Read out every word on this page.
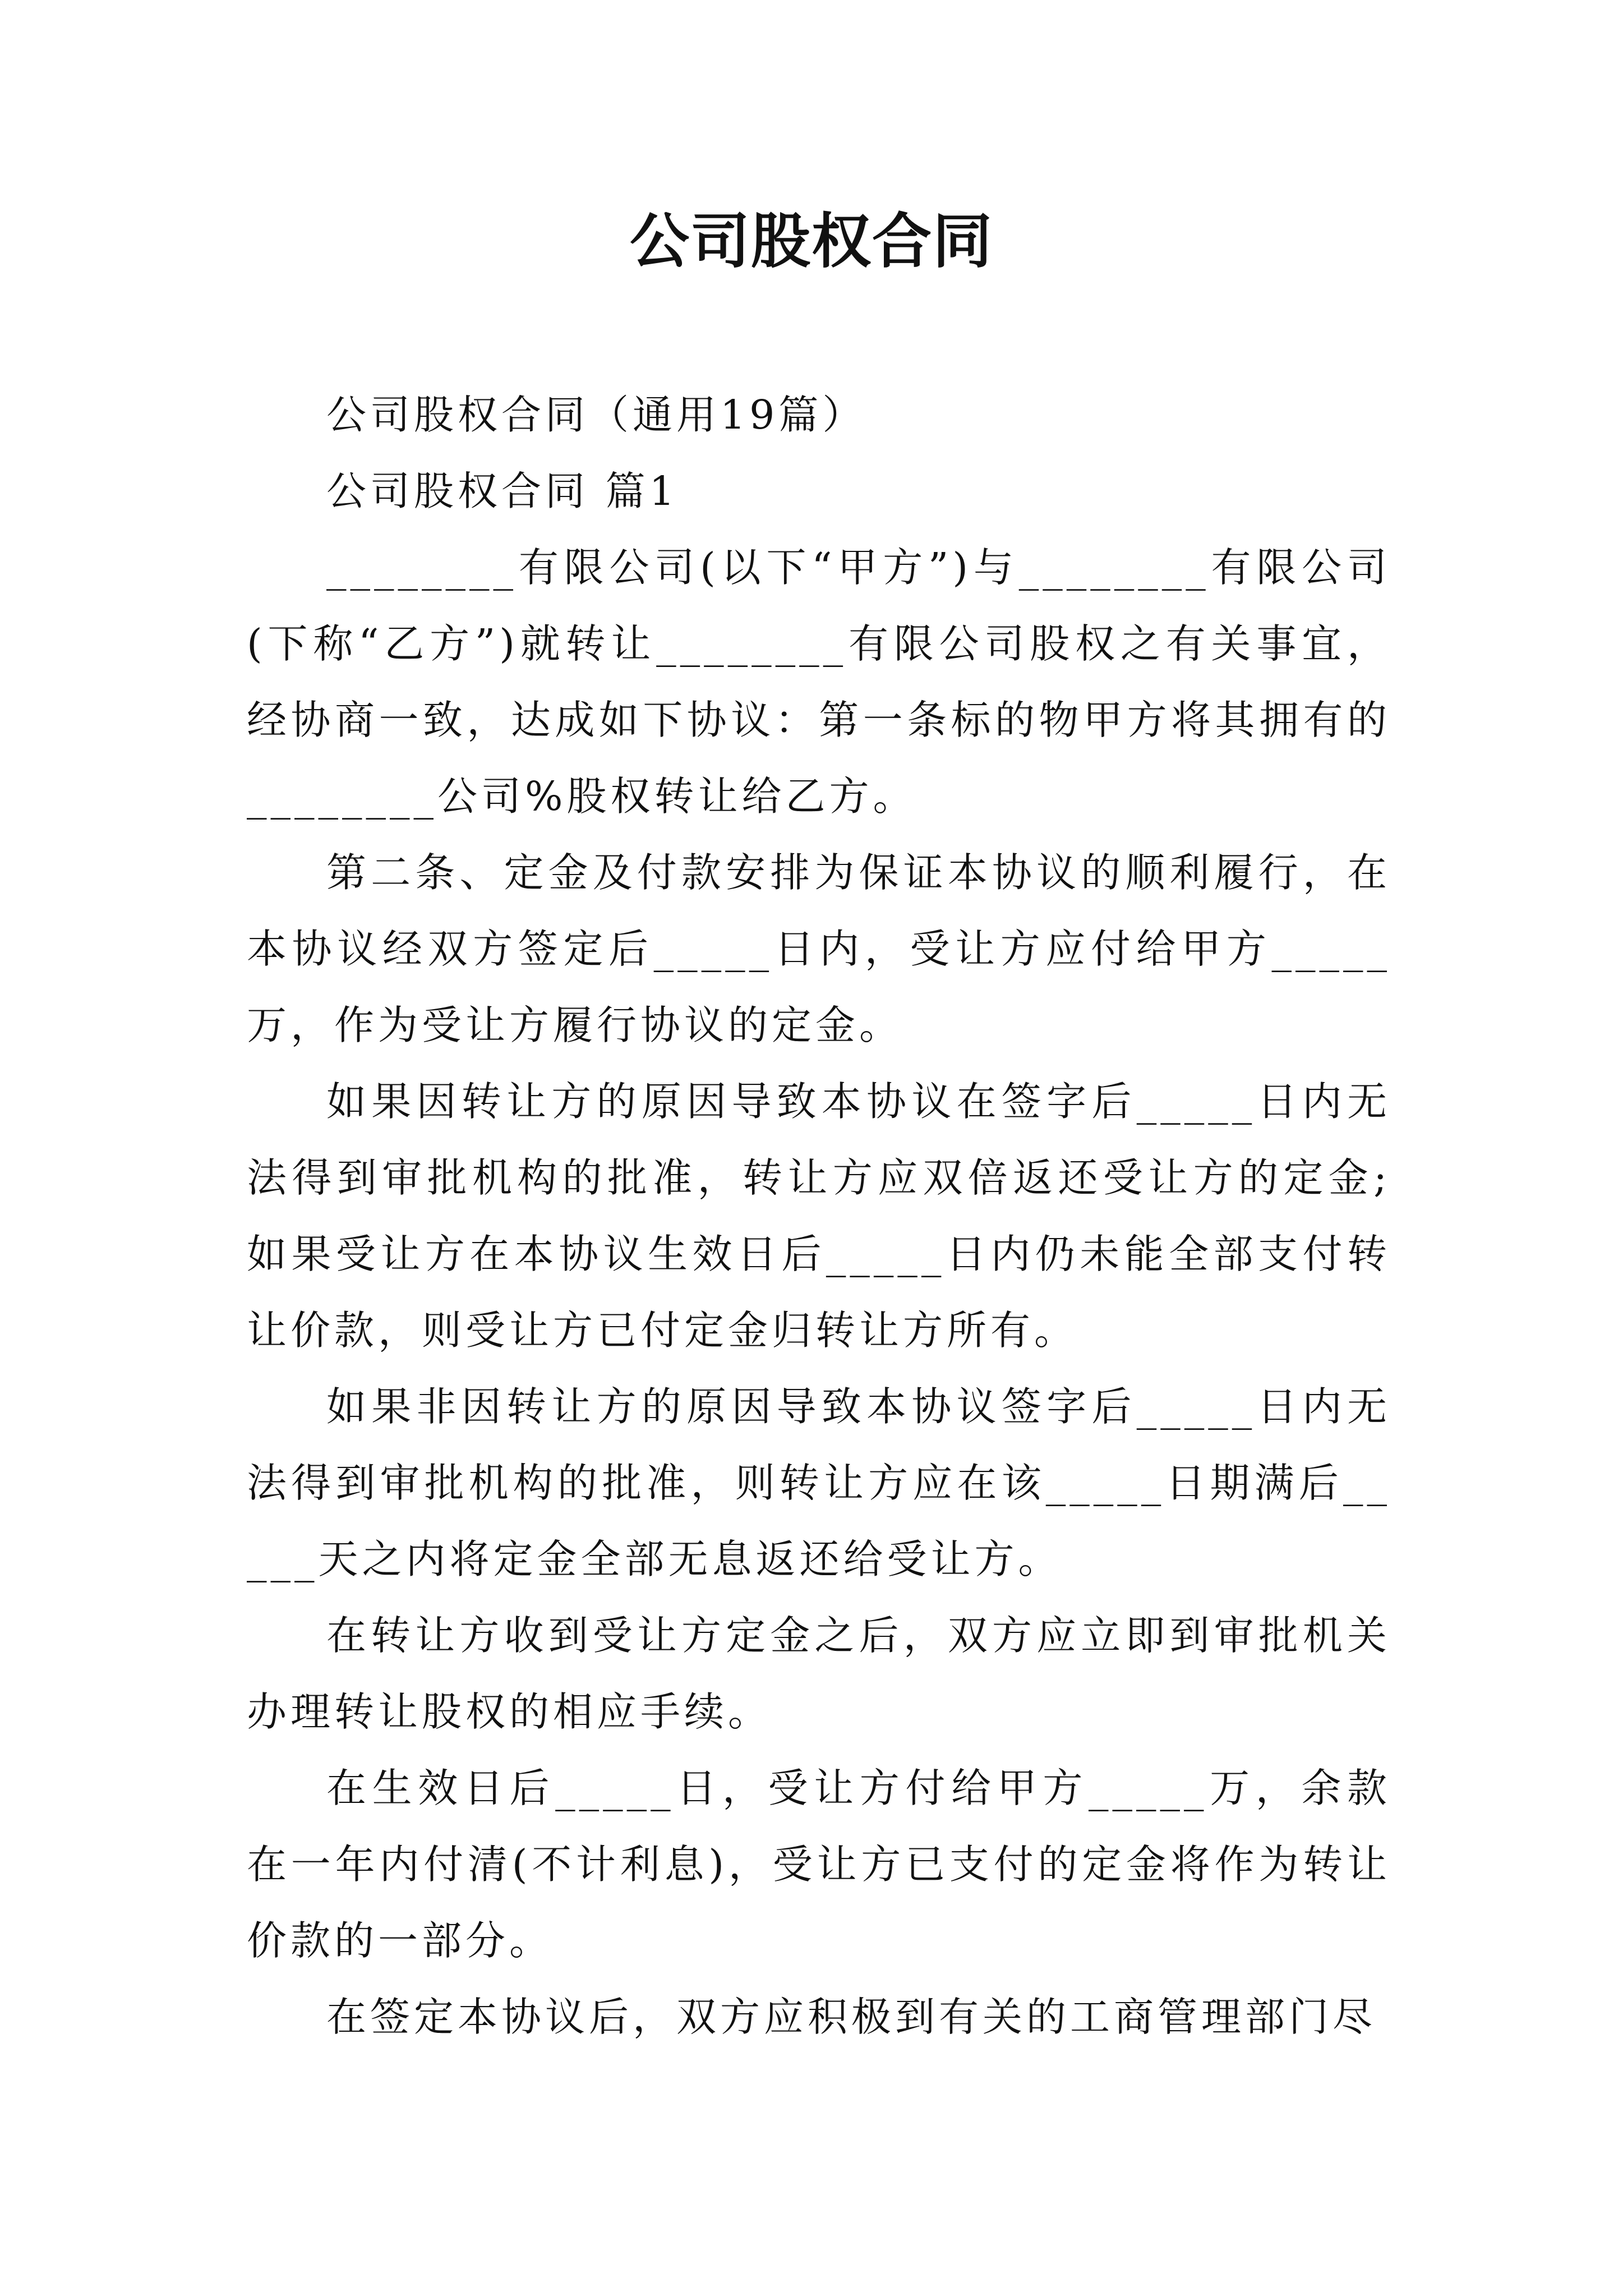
公司股权合同

公司股权合同（通用19篇）

公司股权合同 篇1

________有限公司(以下“甲方”)与________有限公司(下称“乙方”)就转让________有限公司股权之有关事宜，经协商一致，达成如下协议：第一条标的物甲方将其拥有的________公司%股权转让给乙方。

第二条、定金及付款安排为保证本协议的顺利履行，在本协议经双方签定后_____日内，受让方应付给甲方_____万，作为受让方履行协议的定金。

如果因转让方的原因导致本协议在签字后_____日内无法得到审批机构的批准，转让方应双倍返还受让方的定金;如果受让方在本协议生效日后_____日内仍未能全部支付转让价款，则受让方已付定金归转让方所有。

如果非因转让方的原因导致本协议签字后_____日内无法得到审批机构的批准，则转让方应在该_____日期满后_____天之内将定金全部无息返还给受让方。

在转让方收到受让方定金之后，双方应立即到审批机关办理转让股权的相应手续。

在生效日后_____日，受让方付给甲方_____万，余款在一年内付清(不计利息)，受让方已支付的定金将作为转让价款的一部分。

在签定本协议后，双方应积极到有关的工商管理部门尽
